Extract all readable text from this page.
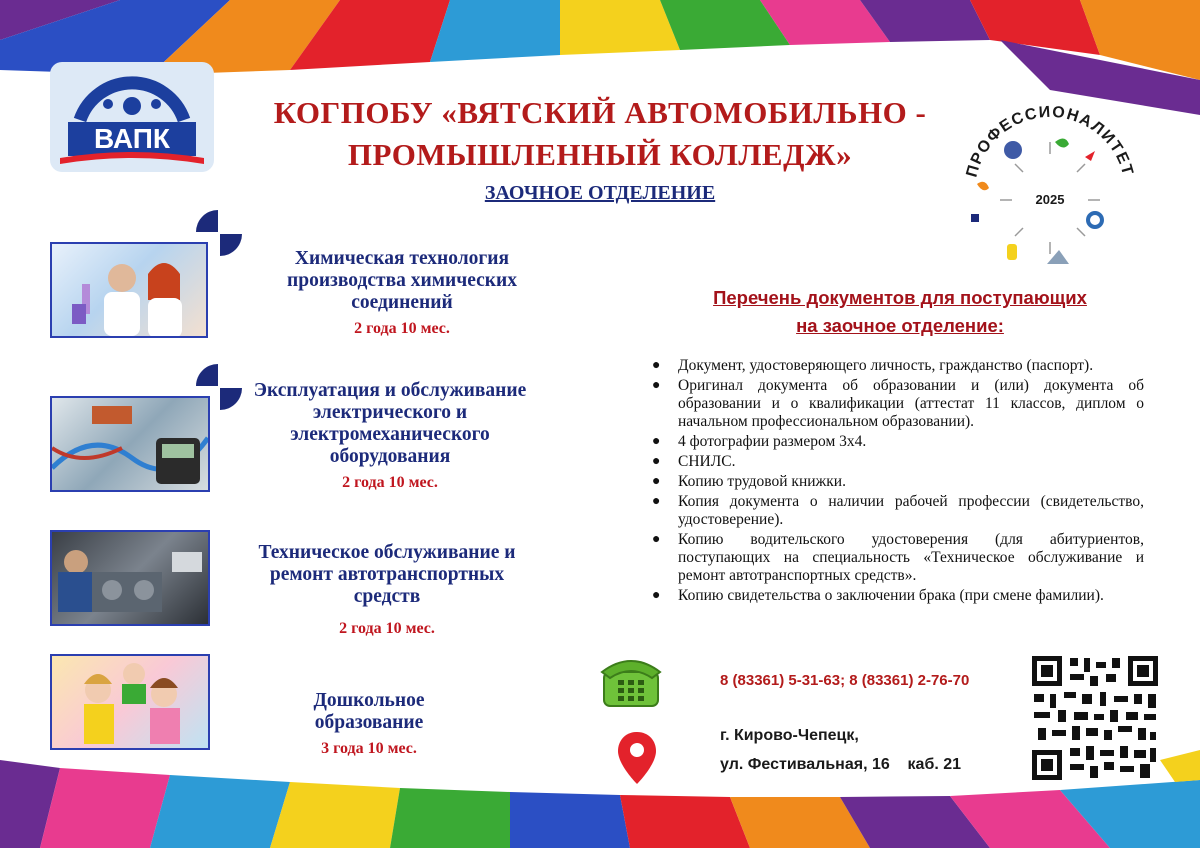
ВАПК
КОГПОБУ «ВЯТСКИЙ АВТОМОБИЛЬНО -
ПРОМЫШЛЕННЫЙ КОЛЛЕДЖ»
ЗАОЧНОЕ ОТДЕЛЕНИЕ
ПРОФЕССИОНАЛИТЕТ
2025
Химическая технология производства химических соединений
2 года 10 мес.
Эксплуатация и обслуживание электрического и электромеханического оборудования
2 года 10 мес.
Техническое обслуживание и ремонт автотранспортных средств
2 года 10 мес.
Дошкольное образование
3 года 10 мес.
Перечень документов для поступающих
на заочное отделение:
● Документ, удостоверяющего личность, гражданство (паспорт).
● Оригинал документа об образовании и (или) документа об образовании и о квалификации (аттестат 11 классов, диплом о начальном профессиональном образовании).
● 4 фотографии размером 3х4.
● СНИЛС.
● Копию трудовой книжки.
● Копия документа о наличии рабочей профессии (свидетельство, удостоверение).
● Копию водительского удостоверения (для абитуриентов, поступающих на специальность «Техническое обслуживание и ремонт автотранспортных средств».
● Копию свидетельства о заключении брака (при смене фамилии).
8 (83361) 5-31-63; 8 (83361) 2-76-70
г. Кирово-Чепецк,
ул. Фестивальная, 16    каб. 21
